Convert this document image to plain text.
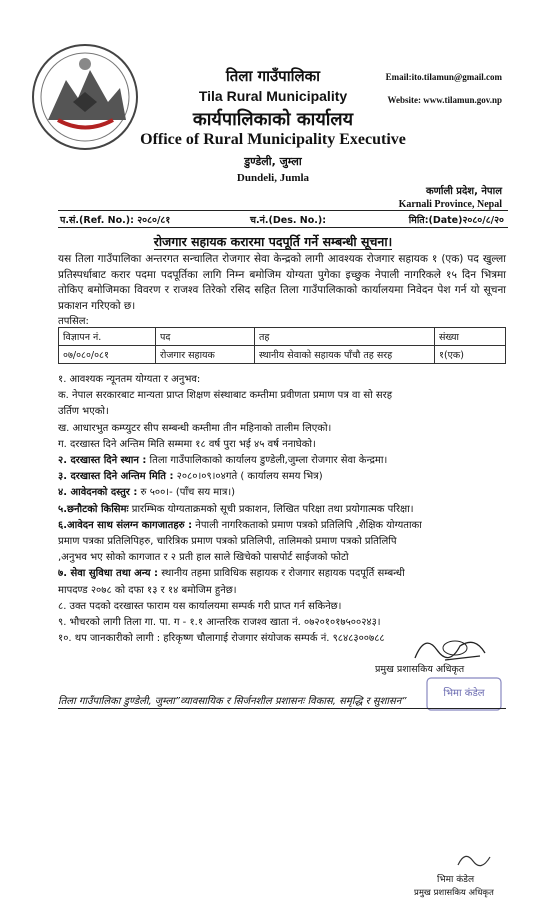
तिला गाउँपालिका
Tila Rural Municipality
कार्यपालिकाको कार्यालय
Office of Rural Municipality Executive
डुण्डेली, जुम्ला
Dundeli, Jumla
Email:ito.tilamun@gmail.com
Website: www.tilamun.gov.np
कर्णाली प्रदेश, नेपाल
Karnali Province, Nepal
प.सं.(Ref. No.): २०८०/८१	च.नं.(Des. No.):	मिति:(Date)२०८०/८/२०
रोजगार सहायक करारमा पदपूर्ति गर्ने सम्बन्धी सूचना।
यस तिला गाउँपालिका अन्तरगत सन्चालित रोजगार सेवा केन्द्रको लागी आवश्यक रोजगार सहायक १ (एक) पद खुल्ला प्रतिस्पर्धाबाट करार पदमा पदपूर्तिका लागि निम्न बमोजिम योग्यता पुगेका इच्छुक नेपाली नागरिकले १५ दिन भित्रमा तोकिए बमोजिमका विवरण र राजश्व तिरेको रसिद सहित तिला गाउँपालिकाको कार्यालयमा निवेदन पेश गर्न यो सूचना प्रकाशन गरिएको छ।
तपसिल:
विज्ञापन नं.	पद	तह	संख्या
०७/०८०/०८१	रोजगार सहायक	स्थानीय सेवाको सहायक पाँचौ तह सरह	१(एक)
१. आवश्यक न्यूनतम योग्यता र अनुभव:
क. नेपाल सरकारबाट मान्यता प्राप्त शिक्षण संस्थाबाट कम्तीमा प्रवीणता प्रमाण पत्र वा सो सरह
उर्तिण भएको।
ख. आधारभुत कम्प्युटर सीप सम्बन्धी कम्तीमा तीन महिनाको तालीम लिएको।
ग. दरखास्त दिने अन्तिम मिति सम्ममा १८ वर्ष पुरा भई ४५ वर्ष ननाघेको।
२. दरखास्त दिने स्थान : तिला गाउँपालिकाको कार्यालय डुण्डेली,जुम्ला रोजगार सेवा केन्द्रमा।
३. दरखास्त दिने अन्तिम मिति : २०८०।०९।०४गते ( कार्यालय समय भित्र)
४. आवेदनको दस्तुर : रु ५००।- (पाँच सय मात्र।)
५.छनौटको किसिमः प्रारम्भिक योग्यताक्रमको सूची प्रकाशन, लिखित परिक्षा तथा प्रयोगात्मक परिक्षा।
६.आवेदन साथ संलग्न कागजातहरु : नेपाली नागरिकताको प्रमाण पत्रको प्रतिलिपि ,शैक्षिक योग्यताका
प्रमाण पत्रका प्रतिलिपिहरु, चारित्रिक प्रमाण पत्रको प्रतिलिपी, तालिमको प्रमाण पत्रको प्रतिलिपि
,अनुभव भए सोको कागजात र २ प्रती हाल साले खिचेको पासपोर्ट साईजको फोटो
७. सेवा सुविधा तथा अन्य : स्थानीय तहमा प्राविधिक सहायक र रोजगार सहायक पदपूर्ति सम्बन्धी
मापदण्ड २०७८ को दफा १३ र १४ बमोजिम हुनेछ।
८. उक्त पदको दरखास्त फाराम यस कार्यालयमा सम्पर्क गरी प्राप्त गर्न सकिनेछ।
९. भौचरको लागी तिला गा. पा. ग - १.१ आन्तरिक राजश्व खाता नं. ०७२०१०१७५००२४३।
१०. थप जानकारीको लागी : हरिकृष्ण चौलागाई रोजगार संयोजक सम्पर्क नं. ९८४८३००७८८
प्रमुख प्रशासकिय अधिकृत
भिमा कंडेल
तिला गाउँपालिका डुण्डेली, जुम्ला”व्यावसायिक र सिर्जनशील प्रशासनः विकास, समृद्धि र सुशासन”
भिमा कंडेल
प्रमुख प्रशासकिय अधिकृत
